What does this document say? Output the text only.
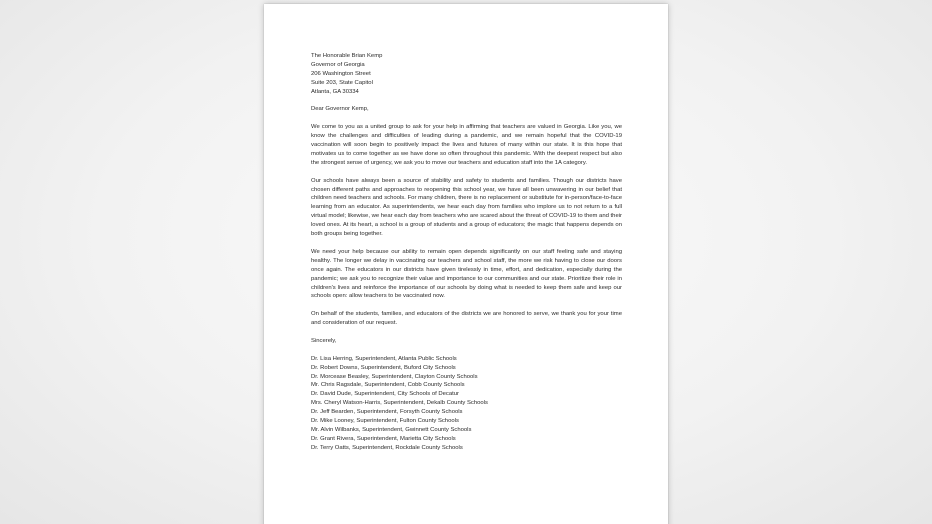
The Honorable Brian Kemp
Governor of Georgia
206 Washington Street
Suite 203, State Capitol
Atlanta, GA 30334
Dear Governor Kemp,

We come to you as a united group to ask for your help in affirming that teachers are valued in Georgia. Like you, we know the challenges and difficulties of leading during a pandemic, and we remain hopeful that the COVID-19 vaccination will soon begin to positively impact the lives and futures of many within our state. It is this hope that motivates us to come together as we have done so often throughout this pandemic. With the deepest respect but also the strongest sense of urgency, we ask you to move our teachers and education staff into the 1A category.

Our schools have always been a source of stability and safety to students and families. Though our districts have chosen different paths and approaches to reopening this school year, we have all been unwavering in our belief that children need teachers and schools. For many children, there is no replacement or substitute for in-person/face-to-face learning from an educator. As superintendents, we hear each day from families who implore us to not return to a full virtual model; likewise, we hear each day from teachers who are scared about the threat of COVID-19 to them and their loved ones. At its heart, a school is a group of students and a group of educators; the magic that happens depends on both groups being together.

We need your help because our ability to remain open depends significantly on our staff feeling safe and staying healthy. The longer we delay in vaccinating our teachers and school staff, the more we risk having to close our doors once again. The educators in our districts have given tirelessly in time, effort, and dedication, especially during the pandemic; we ask you to recognize their value and importance to our communities and our state. Prioritize their role in children's lives and reinforce the importance of our schools by doing what is needed to keep them safe and keep our schools open: allow teachers to be vaccinated now.

On behalf of the students, families, and educators of the districts we are honored to serve, we thank you for your time and consideration of our request.

Sincerely,
Dr. Lisa Herring, Superintendent, Atlanta Public Schools
Dr. Robert Downs, Superintendent, Buford City Schools
Dr. Morcease Beasley, Superintendent, Clayton County Schools
Mr. Chris Ragsdale, Superintendent, Cobb County Schools
Dr. David Dude, Superintendent, City Schools of Decatur
Mrs. Cheryl Watson-Harris, Superintendent, Dekalb County Schools
Dr. Jeff Bearden, Superintendent, Forsyth County Schools
Dr. Mike Looney, Superintendent, Fulton County Schools
Mr. Alvin Wilbanks, Superintendent, Gwinnett County Schools
Dr. Grant Rivera, Superintendent, Marietta City Schools
Dr. Terry Oatts, Superintendent, Rockdale County Schools
